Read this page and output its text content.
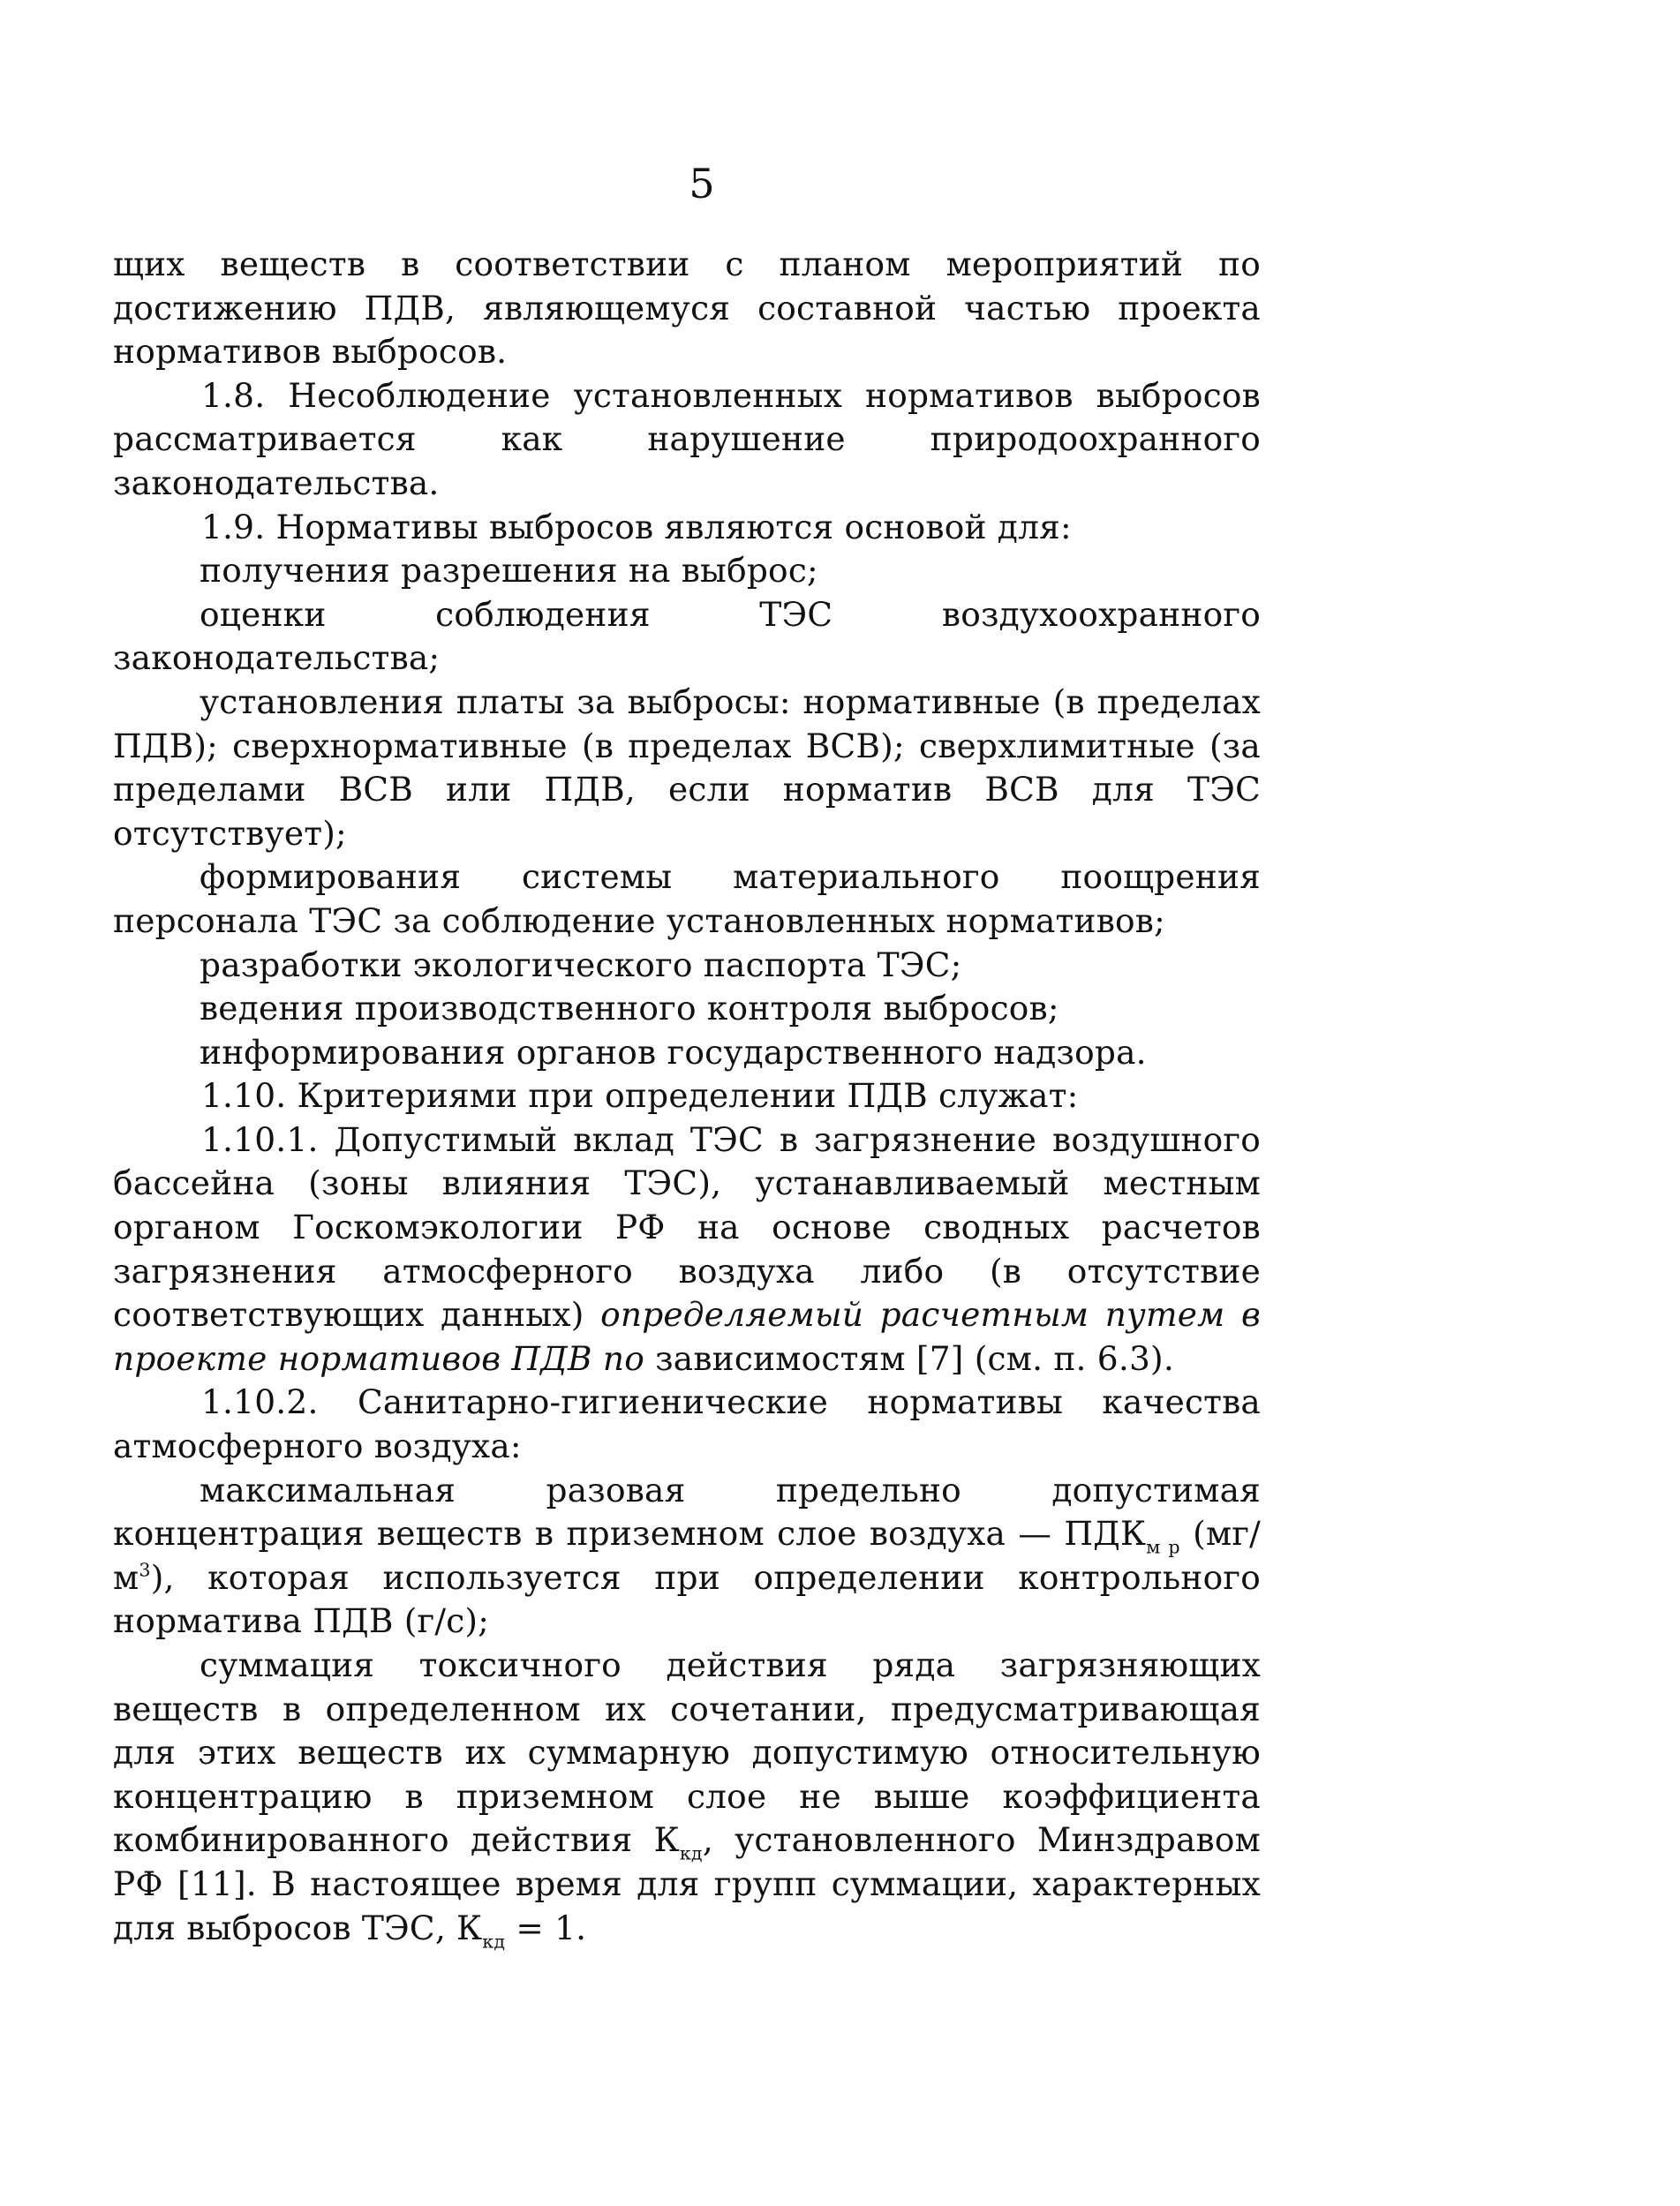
5

щих веществ в соответствии с планом мероприятий по достижению ПДВ, являющемуся составной частью проекта нормативов выбросов.

1.8. Несоблюдение установленных нормативов выбросов рассматривается как нарушение природоохранного законодательства.

1.9. Нормативы выбросов являются основой для:

получения разрешения на выброс;

оценки соблюдения ТЭС воздухоохранного законодательства;

установления платы за выбросы: нормативные (в пределах ПДВ); сверхнормативные (в пределах ВСВ); сверхлимитные (за пределами ВСВ или ПДВ, если норматив ВСВ для ТЭС отсутствует);

формирования системы материального поощрения персонала ТЭС за соблюдение установленных нормативов;

разработки экологического паспорта ТЭС;

ведения производственного контроля выбросов;

информирования органов государственного надзора.

1.10. Критериями при определении ПДВ служат:

1.10.1. Допустимый вклад ТЭС в загрязнение воздушного бассейна (зоны влияния ТЭС), устанавливаемый местным органом Госкомэкологии РФ на основе сводных расчетов загрязнения атмосферного воздуха либо (в отсутствие соответствующих данных) определяемый расчетным путем в проекте нормативов ПДВ по зависимостям [7] (см. п. 6.3).

1.10.2. Санитарно-гигиенические нормативы качества атмосферного воздуха:

максимальная разовая предельно допустимая концентрация веществ в приземном слое воздуха — $ПДК_{м р}$ $(мг/м^3)$, которая используется при определении контрольного норматива ПДВ (г/с);

суммация токсичного действия ряда загрязняющих веществ в определенном их сочетании, предусматривающая для этих веществ их суммарную допустимую относительную концентрацию в приземном слое не выше коэффициента комбинированного действия $К_{кд}$, установленного Минздравом РФ [11]. В настоящее время для групп суммации, характерных для выбросов ТЭС, $К_{кд} = 1$.
